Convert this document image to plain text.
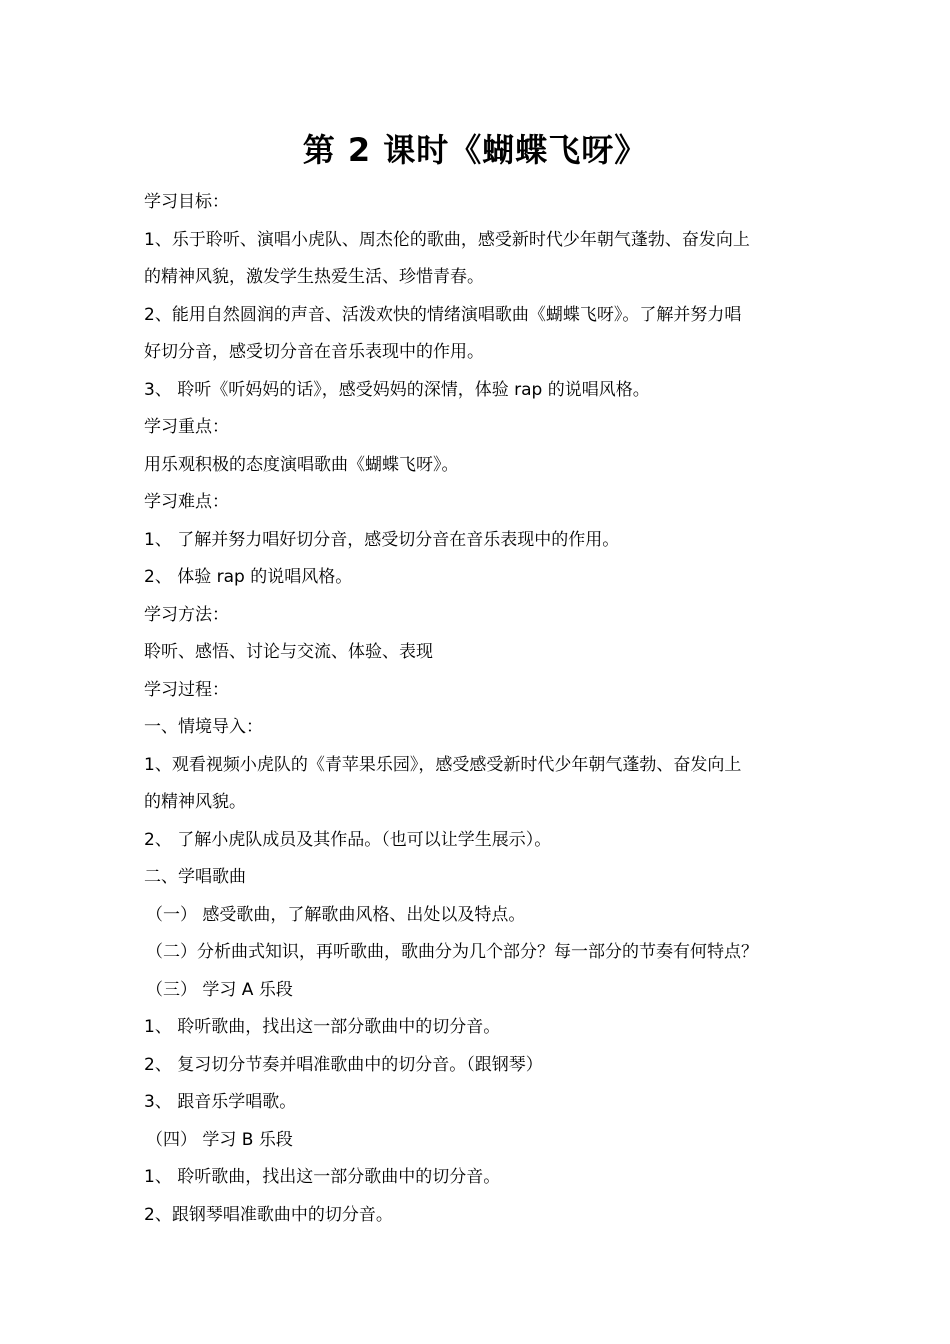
第 2 课时《蝴蝶飞呀》
学习目标：
1、乐于聆听、演唱小虎队、周杰伦的歌曲，感受新时代少年朝气蓬勃、奋发向上
的精神风貌，激发学生热爱生活、珍惜青春。
2、能用自然圆润的声音、活泼欢快的情绪演唱歌曲《蝴蝶飞呀》。了解并努力唱
好切分音，感受切分音在音乐表现中的作用。
3、 聆听《听妈妈的话》，感受妈妈的深情，体验 rap 的说唱风格。
学习重点：
用乐观积极的态度演唱歌曲《蝴蝶飞呀》。
学习难点：
1、 了解并努力唱好切分音，感受切分音在音乐表现中的作用。
2、 体验 rap 的说唱风格。
学习方法：
聆听、感悟、讨论与交流、体验、表现
学习过程：
一、情境导入：
1、观看视频小虎队的《青苹果乐园》，感受感受新时代少年朝气蓬勃、奋发向上
的精神风貌。
2、 了解小虎队成员及其作品。（也可以让学生展示）。
二、学唱歌曲
（一） 感受歌曲，了解歌曲风格、出处以及特点。
（二）分析曲式知识，再听歌曲，歌曲分为几个部分？每一部分的节奏有何特点？
（三） 学习 A 乐段
1、 聆听歌曲，找出这一部分歌曲中的切分音。
2、 复习切分节奏并唱准歌曲中的切分音。（跟钢琴）
3、 跟音乐学唱歌。
（四） 学习 B 乐段
1、 聆听歌曲，找出这一部分歌曲中的切分音。
2、跟钢琴唱准歌曲中的切分音。
